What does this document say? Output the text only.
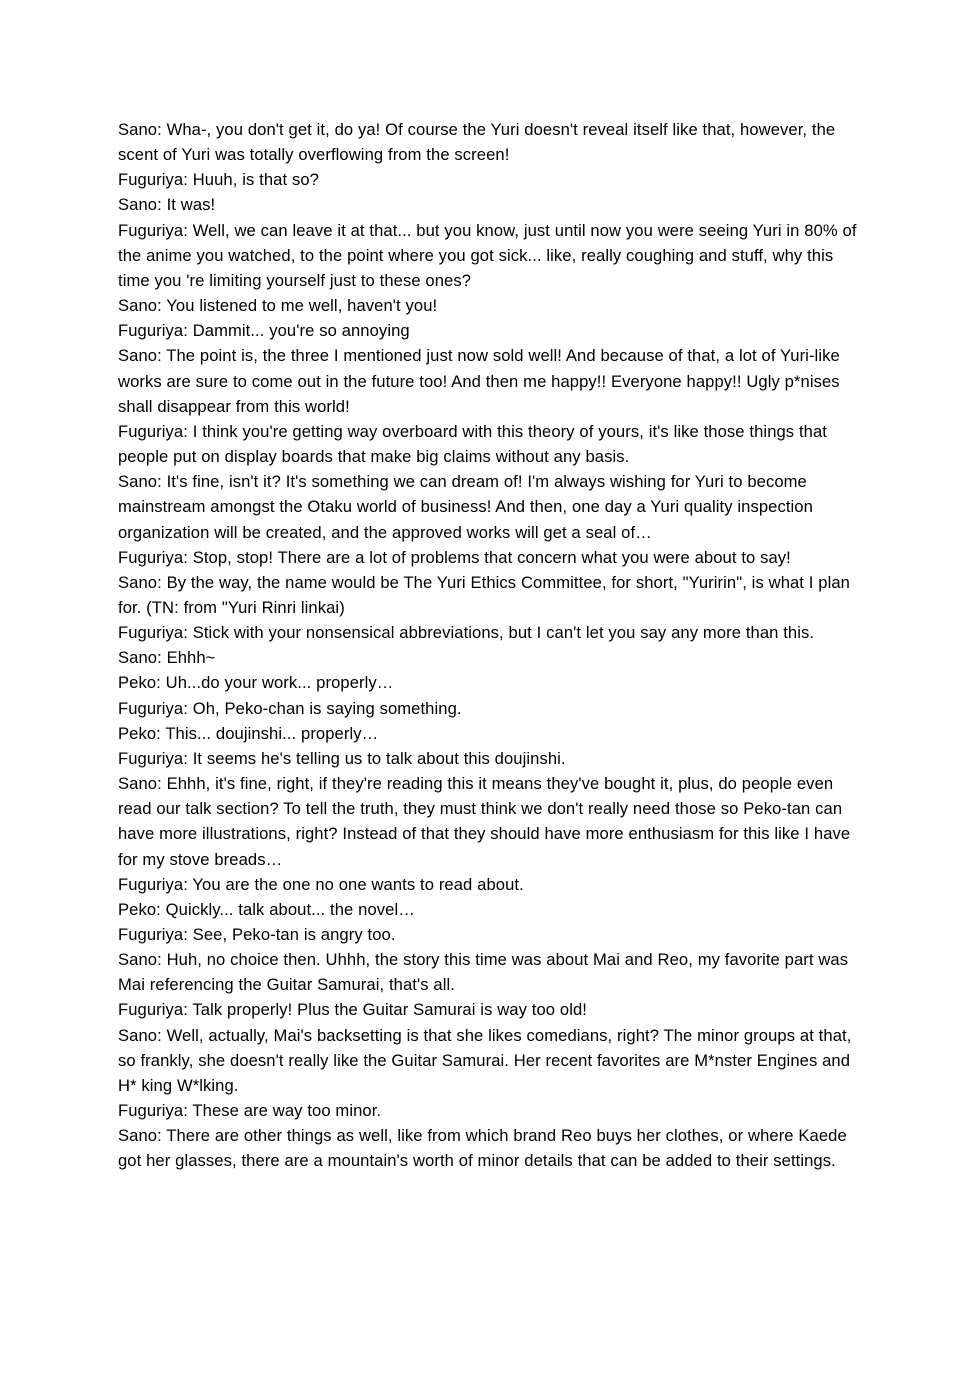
Sano: Wha-, you don't get it, do ya! Of course the Yuri doesn't reveal itself like that, however, the scent of Yuri was totally overflowing from the screen!

Fuguriya: Huuh, is that so?

Sano: It was!

Fuguriya: Well, we can leave it at that... but you know, just until now you were seeing Yuri in 80% of the anime you watched, to the point where you got sick... like, really coughing and stuff, why this time you 're limiting yourself just to these ones?

Sano: You listened to me well, haven't you!

Fuguriya: Dammit... you're so annoying

Sano: The point is, the three I mentioned just now sold well! And because of that, a lot of Yuri-like works are sure to come out in the future too! And then me happy!! Everyone happy!! Ugly p*nises shall disappear from this world!

Fuguriya: I think you're getting way overboard with this theory of yours, it's like those things that people put on display boards that make big claims without any basis.

Sano: It's fine, isn't it? It's something we can dream of! I'm always wishing for Yuri to become mainstream amongst the Otaku world of business! And then, one day a Yuri quality inspection organization will be created, and the approved works will get a seal of…

Fuguriya: Stop, stop! There are a lot of problems that concern what you were about to say!

Sano: By the way, the name would be The Yuri Ethics Committee, for short, "Yuririn", is what I plan for. (TN: from "Yuri Rinri linkai)

Fuguriya: Stick with your nonsensical abbreviations, but I can't let you say any more than this.

Sano: Ehhh~

Peko: Uh...do your work... properly…

Fuguriya: Oh, Peko-chan is saying something.

Peko: This... doujinshi... properly…

Fuguriya: It seems he's telling us to talk about this doujinshi.

Sano: Ehhh, it's fine, right, if they're reading this it means they've bought it, plus, do people even read our talk section? To tell the truth, they must think we don't really need those so Peko-tan can have more illustrations, right? Instead of that they should have more enthusiasm for this like I have for my stove breads…

Fuguriya: You are the one no one wants to read about.

Peko: Quickly... talk about... the novel…

Fuguriya: See, Peko-tan is angry too.

Sano: Huh, no choice then. Uhhh, the story this time was about Mai and Reo, my favorite part was Mai referencing the Guitar Samurai, that's all.

Fuguriya: Talk properly! Plus the Guitar Samurai is way too old!

Sano: Well, actually, Mai's backsetting is that she likes comedians, right? The minor groups at that, so frankly, she doesn't really like the Guitar Samurai. Her recent favorites are M*nster Engines and H* king W*lking.

Fuguriya: These are way too minor.

Sano: There are other things as well, like from which brand Reo buys her clothes, or where Kaede got her glasses, there are a mountain's worth of minor details that can be added to their settings.
